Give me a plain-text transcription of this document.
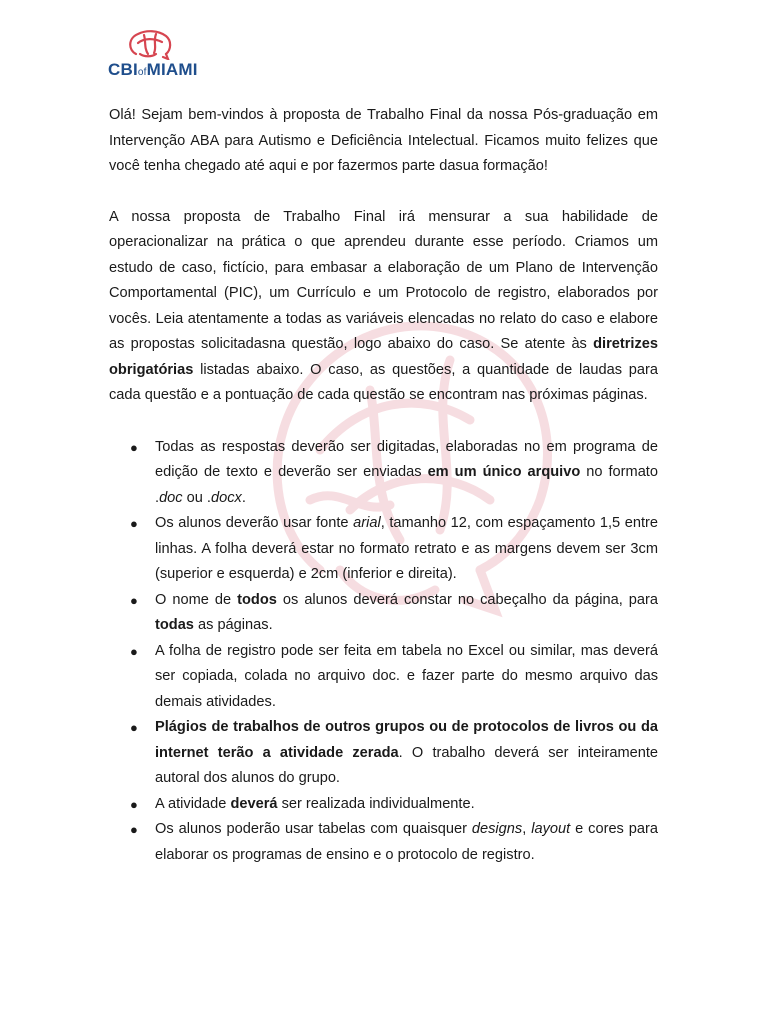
CBIofMIAMI

Olá! Sejam bem-vindos à proposta de Trabalho Final da nossa Pós-graduação em Intervenção ABA para Autismo e Deficiência Intelectual. Ficamos muito felizes que você tenha chegado até aqui e por fazermos parte dasua formação!

A nossa proposta de Trabalho Final irá mensurar a sua habilidade de operacionalizar na prática o que aprendeu durante esse período. Criamos um estudo de caso, fictício, para embasar a elaboração de um Plano de Intervenção Comportamental (PIC), um Currículo e um Protocolo de registro, elaborados por vocês. Leia atentamente a todas as variáveis elencadas no relato do caso e elabore as propostas solicitadasna questão, logo abaixo do caso. Se atente às diretrizes obrigatórias listadas abaixo. O caso, as questões, a quantidade de laudas para cada questão e a pontuação de cada questão se encontram nas próximas páginas.

● Todas as respostas deverão ser digitadas, elaboradas no em programa de edição de texto e deverão ser enviadas em um único arquivo no formato .doc ou .docx.
● Os alunos deverão usar fonte arial, tamanho 12, com espaçamento 1,5 entre linhas. A folha deverá estar no formato retrato e as margens devem ser 3cm (superior e esquerda) e 2cm (inferior e direita).
● O nome de todos os alunos deverá constar no cabeçalho da página, para todas as páginas.
● A folha de registro pode ser feita em tabela no Excel ou similar, mas deverá ser copiada, colada no arquivo doc. e fazer parte do mesmo arquivo das demais atividades.
● Plágios de trabalhos de outros grupos ou de protocolos de livros ou da internet terão a atividade zerada. O trabalho deverá ser inteiramente autoral dos alunos do grupo.
● A atividade deverá ser realizada individualmente.
● Os alunos poderão usar tabelas com quaisquer designs, layout e cores para elaborar os programas de ensino e o protocolo de registro.
